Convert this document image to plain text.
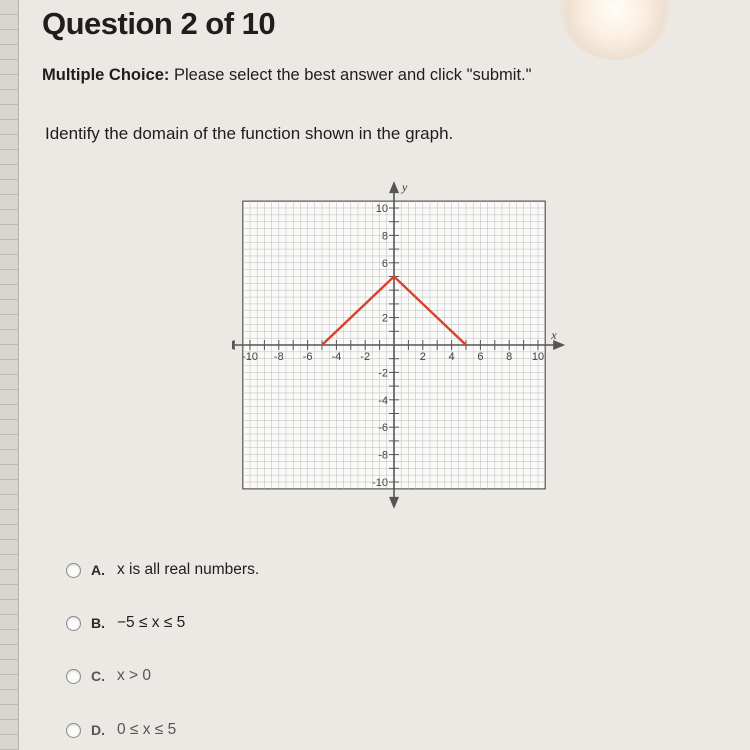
Question 2 of 10
Multiple Choice: Please select the best answer and click "submit."
Identify the domain of the function shown in the graph.
x
y
-10 -8 -6 -4 -2	2 4 6 8 10
10
8
6
2
-2
-4
-6
-8
-10
A. x is all real numbers.
B. −5 ≤ x ≤ 5
C. x > 0
D. 0 ≤ x ≤ 5
